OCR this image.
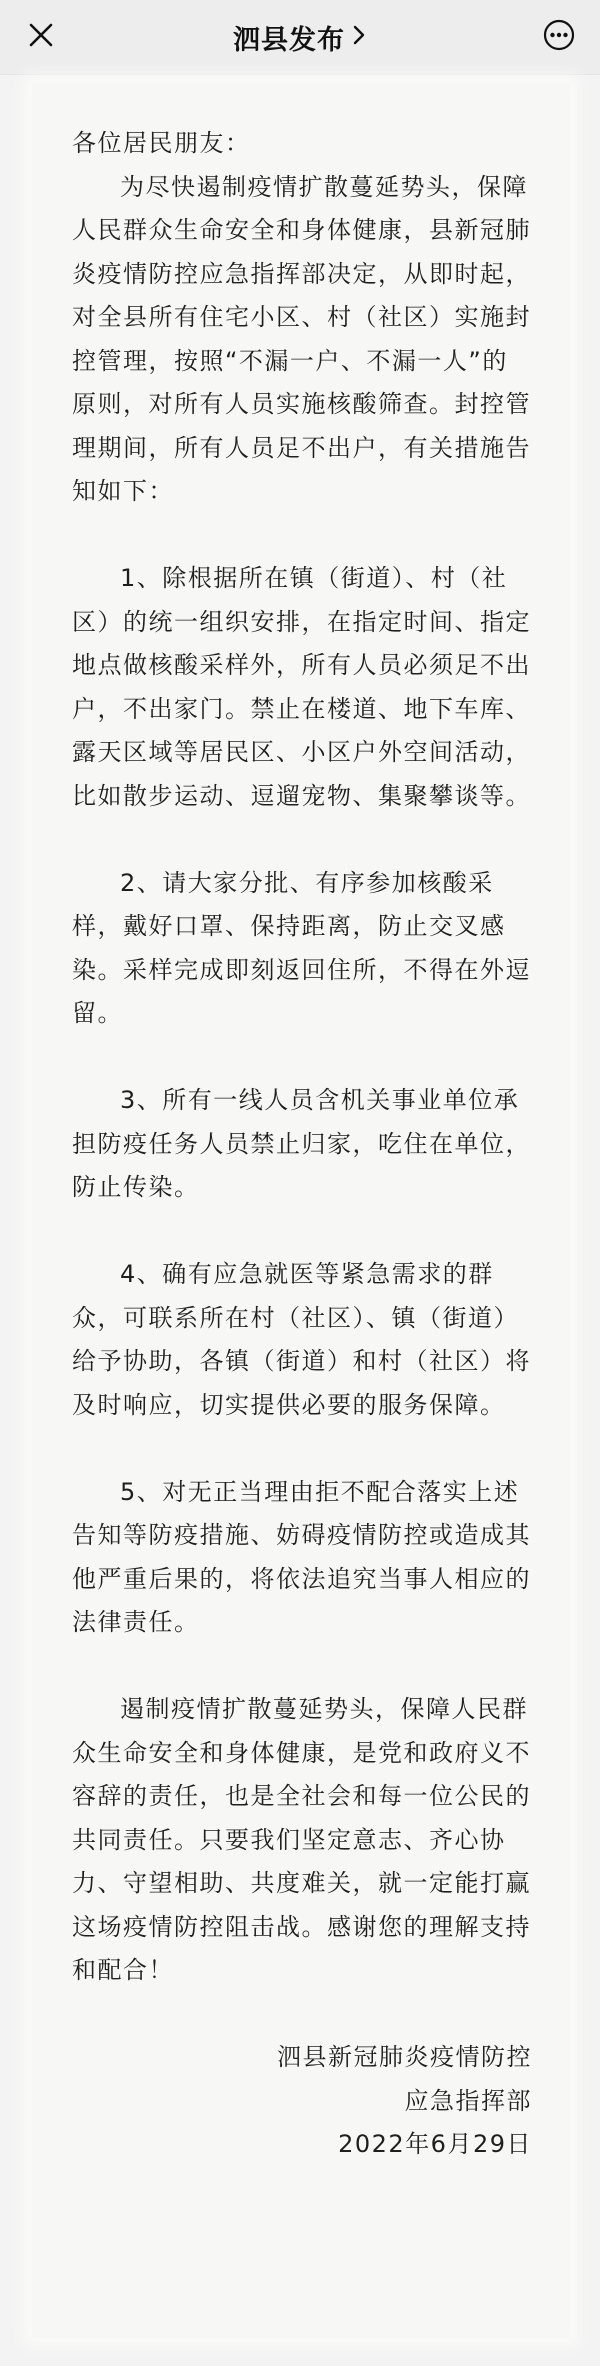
泗县发布

各位居民朋友：

为尽快遏制疫情扩散蔓延势头，保障人民群众生命安全和身体健康，县新冠肺炎疫情防控应急指挥部决定，从即时起，对全县所有住宅小区、村（社区）实施封控管理，按照“不漏一户、不漏一人”的原则，对所有人员实施核酸筛查。封控管理期间，所有人员足不出户，有关措施告知如下：

1、除根据所在镇（街道）、村（社区）的统一组织安排，在指定时间、指定地点做核酸采样外，所有人员必须足不出户，不出家门。禁止在楼道、地下车库、露天区域等居民区、小区户外空间活动，比如散步运动、逗遛宠物、集聚攀谈等。

2、请大家分批、有序参加核酸采样，戴好口罩、保持距离，防止交叉感染。采样完成即刻返回住所，不得在外逗留。

3、所有一线人员含机关事业单位承担防疫任务人员禁止归家，吃住在单位，防止传染。

4、确有应急就医等紧急需求的群众，可联系所在村（社区）、镇（街道）给予协助，各镇（街道）和村（社区）将及时响应，切实提供必要的服务保障。

5、对无正当理由拒不配合落实上述告知等防疫措施、妨碍疫情防控或造成其他严重后果的，将依法追究当事人相应的法律责任。

遏制疫情扩散蔓延势头，保障人民群众生命安全和身体健康，是党和政府义不容辞的责任，也是全社会和每一位公民的共同责任。只要我们坚定意志、齐心协力、守望相助、共度难关，就一定能打赢这场疫情防控阻击战。感谢您的理解支持和配合！

泗县新冠肺炎疫情防控

应急指挥部

2022年6月29日
